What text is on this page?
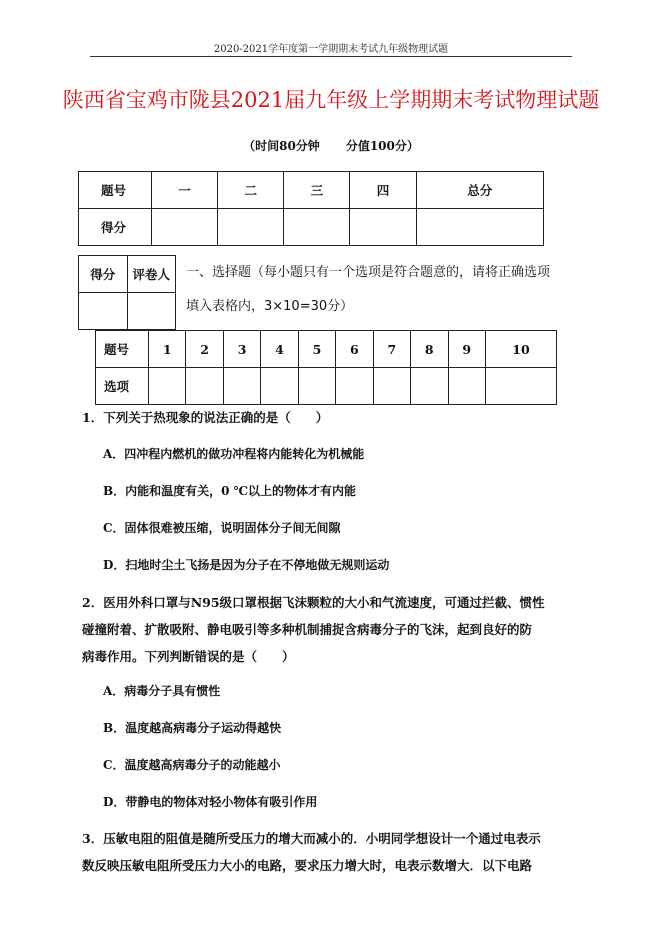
2020-2021学年度第一学期期末考试九年级物理试题
陕西省宝鸡市陇县2021届九年级上学期期末考试物理试题
（时间80分钟 分值100分）
题号	一	二	三	四	总分
得分					
得分	评卷人
	一、选择题（每小题只有一个选项是符合题意的，请将正确选项
填入表格内，3×10=30分）
题号	1	2	3	4	5	6	7	8	9	10
选项										
1．下列关于热现象的说法正确的是（　　）
A．四冲程内燃机的做功冲程将内能转化为机械能
B．内能和温度有关，0 ℃以上的物体才有内能
C．固体很难被压缩，说明固体分子间无间隙
D．扫地时尘土飞扬是因为分子在不停地做无规则运动
2．医用外科口罩与N95级口罩根据飞沫颗粒的大小和气流速度，可通过拦截、惯性
碰撞附着、扩散吸附、静电吸引等多种机制捕捉含病毒分子的飞沫，起到良好的防
病毒作用。下列判断错误的是（　　）
A．病毒分子具有惯性
B．温度越高病毒分子运动得越快
C．温度越高病毒分子的动能越小
D．带静电的物体对轻小物体有吸引作用
3．压敏电阻的阻值是随所受压力的增大而减小的．小明同学想设计一个通过电表示
数反映压敏电阻所受压力大小的电路，要求压力增大时，电表示数增大．以下电路
